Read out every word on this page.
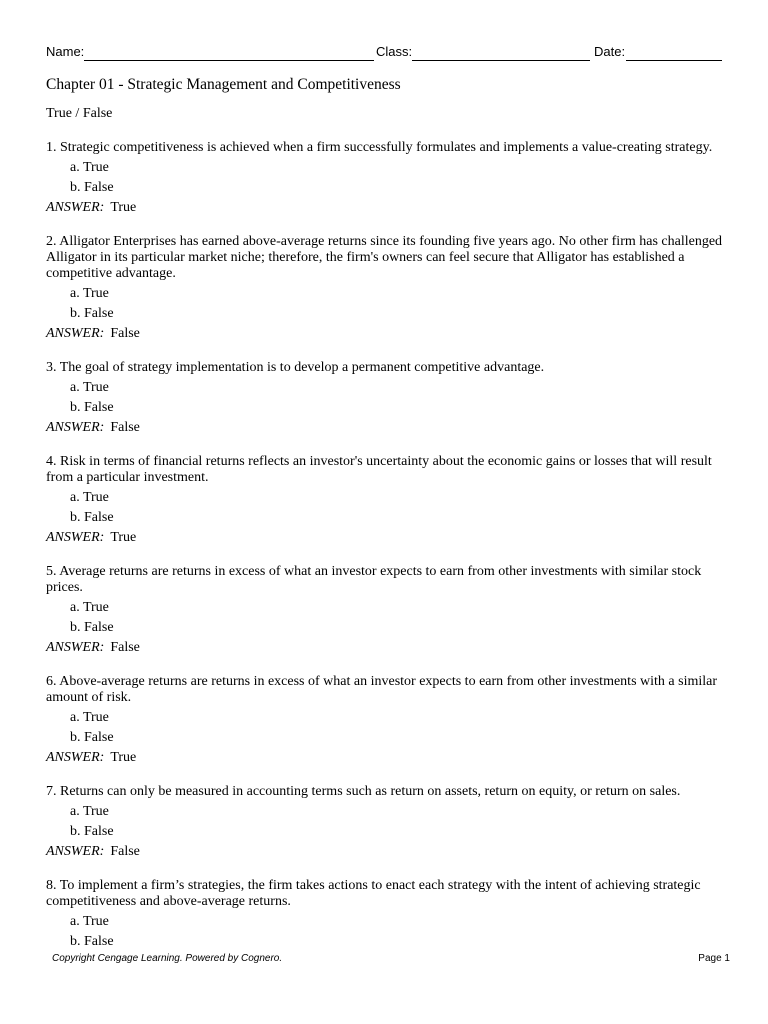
Name:	Class:	Date:
Chapter 01 - Strategic Management and Competitiveness
True / False

1. Strategic competitiveness is achieved when a firm successfully formulates and implements a value-creating strategy.

a. True
b. False
ANSWER: True

2. Alligator Enterprises has earned above-average returns since its founding five years ago. No other firm has challenged Alligator in its particular market niche; therefore, the firm's owners can feel secure that Alligator has established a competitive advantage.

a. True
b. False
ANSWER: False

3. The goal of strategy implementation is to develop a permanent competitive advantage.

a. True
b. False
ANSWER: False

4. Risk in terms of financial returns reflects an investor's uncertainty about the economic gains or losses that will result from a particular investment.

a. True
b. False
ANSWER: True

5. Average returns are returns in excess of what an investor expects to earn from other investments with similar stock prices.

a. True
b. False
ANSWER: False

6. Above-average returns are returns in excess of what an investor expects to earn from other investments with a similar amount of risk.

a. True
b. False
ANSWER: True

7. Returns can only be measured in accounting terms such as return on assets, return on equity, or return on sales.

a. True
b. False
ANSWER: False

8. To implement a firm’s strategies, the firm takes actions to enact each strategy with the intent of achieving strategic competitiveness and above-average returns.

a. True
b. False
Copyright Cengage Learning. Powered by Cognero.	Page 1
